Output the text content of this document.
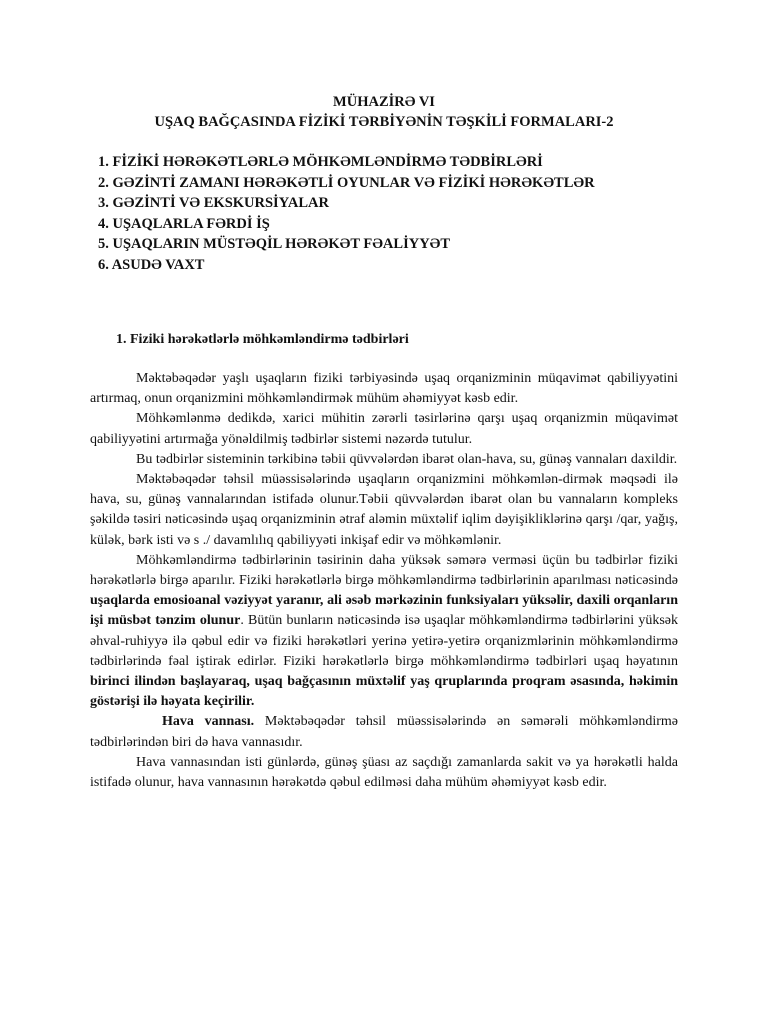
MÜHAZİRƏ VI
UŞAQ BAĞÇASINDA FİZİKİ TƏRBİYƏNİN TƏŞKİLİ FORMALARI-2
1. FİZİKİ HƏRƏKƏTLƏRLƏ MÖHKƏMLƏNDİRMƏ TƏDBİRLƏRİ
2. GƏZİNTİ ZAMANI HƏRƏKƏTLİ OYUNLAR VƏ FİZİKİ HƏRƏKƏTLƏR
3. GƏZİNTİ VƏ EKSKURSİYALAR
4. UŞAQLARLA FƏRDİ İŞ
5. UŞAQLARIN MÜSTƏQİL HƏRƏKƏT FƏALİYYƏT
6. ASUDƏ VAXT
1. Fiziki hərəkətlərlə möhkəmləndirmə tədbirləri

Məktəbəqədər yaşlı uşaqların fiziki tərbiyəsində uşaq orqanizminin müqavimət qabiliyyətini artırmaq, onun orqanizmini möhkəmləndirmək mühüm əhəmiyyət kəsb edir.

Möhkəmlənmə dedikdə, xarici mühitin zərərli təsirlərinə qarşı uşaq orqanizmin müqavimət qabiliyyətini artırmağa yönəldilmiş tədbirlər sistemi nəzərdə tutulur.

Bu tədbirlər sisteminin tərkibinə təbii qüvvələrdən ibarət olan-hava, su, günəş vannaları daxildir.

Məktəbəqədər təhsil müəssisələrində uşaqların orqanizmini möhkəmlən-dirmək məqsədi ilə hava, su, günəş vannalarından istifadə olunur.Təbii qüvvələrdən ibarət olan bu vannaların kompleks şəkildə təsiri nəticəsində uşaq orqanizminin ətraf aləmin müxtəlif iqlim dəyişikliklərinə qarşı /qar, yağış, külək, bərk isti və s ./ davamlılıq qabiliyyəti inkişaf edir və möhkəmlənir.

Möhkəmləndirmə tədbirlərinin təsirinin daha yüksək səmərə verməsi üçün bu tədbirlər fiziki hərəkətlərlə birgə aparılır. Fiziki hərəkətlərlə birgə möhkəmləndirmə tədbirlərinin aparılması nəticəsində uşaqlarda emosioanal vəziyyət yaranır, ali əsəb mərkəzinin funksiyaları yüksəlir, daxili orqanların işi müsbət tənzim olunur. Bütün bunların nəticəsində isə uşaqlar möhkəmləndirmə tədbirlərini yüksək əhval-ruhiyyə ilə qəbul edir və fiziki hərəkətləri yerinə yetirə-yetirə orqanizmlərinin möhkəmləndirmə tədbirlərində fəal iştirak edirlər. Fiziki hərəkətlərlə birgə möhkəmləndirmə tədbirləri uşaq həyatının birinci ilindən başlayaraq, uşaq bağçasının müxtəlif yaş qruplarında proqram əsasında, həkimin göstərişi ilə həyata keçirilir.

Hava vannası. Məktəbəqədər təhsil müəssisələrində ən səmərəli möhkəmləndirmə tədbirlərindən biri də hava vannasıdır.

Hava vannasından isti günlərdə, günəş şüası az saçdığı zamanlarda sakit və ya hərəkətli halda istifadə olunur, hava vannasının hərəkətdə qəbul edilməsi daha mühüm əhəmiyyət kəsb edir.
